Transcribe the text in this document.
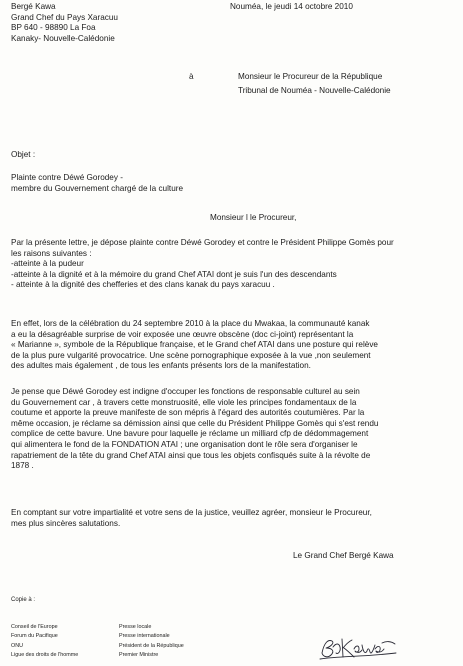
Bergé Kawa
Grand Chef du Pays Xaracuu
BP 640 - 98890 La Foa
Kanaky- Nouvelle-Calédonie
Nouméa, le jeudi 14 octobre 2010
à	Monsieur le Procureur de la République
Tribunal de Nouméa - Nouvelle-Calédonie
Objet :
Plainte contre Déwé Gorodey -
membre du Gouvernement chargé de la culture
Monsieur l le Procureur,
Par la présente lettre, je dépose plainte contre Déwé Gorodey et contre le Président Philippe Gomès pour
les raisons suivantes :
-atteinte à la pudeur
-atteinte à la dignité et à la mémoire du grand Chef ATAI dont je suis l'un des descendants
- atteinte à la dignité des chefferies et des clans kanak du pays xaracuu .
En effet, lors de la célébration du 24 septembre 2010 à la place du Mwakaa, la communauté kanak
a eu la désagréable surprise de voir exposée une œuvre obscène (doc ci-joint) représentant la
« Marianne », symbole de la République française, et le Grand chef ATAI dans une posture qui relève
de la plus pure vulgarité provocatrice. Une scène pornographique exposée à la vue ,non seulement
des adultes mais également , de tous les enfants présents lors de la manifestation.
Je pense que Déwé Gorodey est indigne d'occuper les fonctions de responsable culturel au sein
du Gouvernement car , à travers cette monstruosité, elle viole les principes fondamentaux de la
coutume et apporte la preuve manifeste de son mépris à l'égard des autorités coutumières. Par la
même occasion, je réclame sa démission ainsi que celle du Président Philippe Gomès qui s'est rendu
complice de cette bavure. Une bavure pour laquelle je réclame un milliard cfp de dédommagement
qui alimentera le fond de la FONDATION ATAI ; une organisation dont le rôle sera d'organiser le
rapatriement de la tête du grand Chef ATAI ainsi que tous les objets confisqués suite à la révolte de
1878 .
En comptant sur votre impartialité et votre sens de la justice, veuillez agréer, monsieur le Procureur,
mes plus sincères salutations.
Le Grand Chef Bergé Kawa
Copie à :
Conseil de l'Europe
Forum du Pacifique
ONU
Ligue des droits de l'homme
Presse locale
Presse internationale
Président de la République
Premier Ministre
